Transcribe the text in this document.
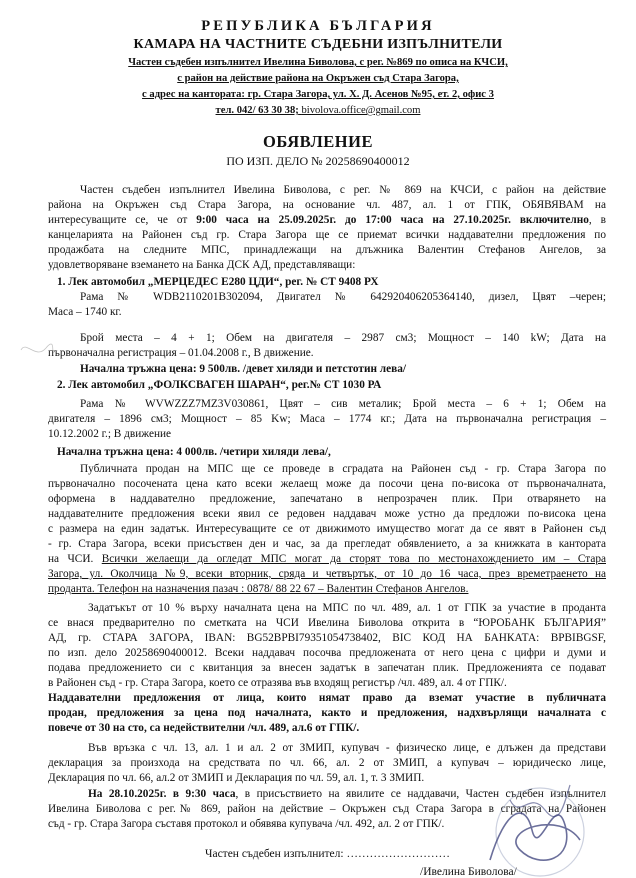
РЕПУБЛИКА БЪЛГАРИЯ
КАМАРА НА ЧАСТНИТЕ СЪДЕБНИ ИЗПЪЛНИТЕЛИ
Частен съдебен изпълнител Ивелина Биволова, с рег. №869 по описа на КЧСИ,
с район на действие района на Окръжен съд Стара Загора,
с адрес на кантората: гр. Стара Загора, ул. Х. Д. Асенов №95, ет. 2, офис 3
тел. 042/ 63 30 38; bivolova.office@gmail.com
ОБЯВЛЕНИЕ
ПО ИЗП. ДЕЛО № 20258690400012
Частен съдебен изпълнител Ивелина Биволова, с рег. № 869 на КЧСИ, с район на действие
района на Окръжен съд Стара Загора, на основание чл. 487, ал. 1 от ГПК, ОБЯВЯВАМ на
интересуващите се, че от 9:00 часа на 25.09.2025г. до 17:00 часа на 27.10.2025г. включително, в
канцеларията на Районен съд гр. Стара Загора ще се приемат всички наддавателни предложения по
продажбата на следните МПС, принадлежащи на длъжника Валентин Стефанов Ангелов, за
удовлетворяване вземането на Банка ДСК АД, представляващи:
1. Лек автомобил „МЕРЦЕДЕС Е280 ЦДИ“, рег. № СТ 9408 РХ
Рама № WDB2110201B302094, Двигател № 642920406205364140, дизел, Цвят –черен;
Маса – 1740 кг.
Брой места – 4 + 1; Обем на двигателя – 2987 см3; Мощност – 140 kW; Дата на
първоначална регистрация – 01.04.2008 г., В движение.
Начална тръжна цена: 9 500лв. /девет хиляди и петстотин лева/
2. Лек автомобил „ФОЛКСВАГЕН ШАРАН“, рег.№ СТ 1030 РА
Рама № WVWZZZ7MZ3V030861, Цвят – сив металик; Брой места – 6 + 1; Обем на
двигателя – 1896 см3; Мощност – 85 Kw; Маса – 1774 кг.; Дата на първоначална регистрация –
10.12.2002 г.; В движение
Начална тръжна цена: 4 000лв. /четири хиляди лева/,
Публичната продан на МПС ще се проведе в сградата на Районен съд - гр. Стара Загора по
първоначално посочената цена като всеки желаещ може да посочи цена по-висока от първоначалната,
оформена в наддавателно предложение, запечатано в непрозрачен плик. При отварянето на
наддавателните предложения всеки явил се редовен наддавач може устно да предложи по-висока цена
с размера на един задатък. Интересуващите се от движимото имущество могат да се явят в Районен съд
- гр. Стара Загора, всеки присъствен ден и час, за да прегледат обявлението, а за книжката в кантората
на ЧСИ. Всички желаещи да огледат МПС могат да сторят това по местонахождението им – Стара
Загора, ул. Околчица №9, всеки вторник, сряда и четвъртък, от 10 до 16 часа, през времетраенето на
проданта. Телефон на назначения пазач : 0878/ 88 22 67 – Валентин Стефанов Ангелов.
Задатъкът от 10 % върху началната цена на МПС по чл. 489, ал. 1 от ГПК за участие в проданта
се внася предварително по сметката на ЧСИ Ивелина Биволова открита в “ЮРОБАНК БЪЛГАРИЯ”
АД, гр. СТАРА ЗАГОРА, IBAN: BG52BPBI79351054738402, BIC КОД НА БАНКАТА: BPBIBGSF,
по изп. дело 20258690400012. Всеки наддавач посочва предложената от него цена с цифри и думи и
подава предложението си с квитанция за внесен задатък в запечатан плик. Предложенията се подават
в Районен съд - гр. Стара Загора, което се отразява във входящ регистър /чл. 489, ал. 4 от ГПК/.
Наддавателни предложения от лица, които нямат право да вземат участие в публичната
продан, предложения за цена под началната, както и предложения, надхвърлящи началната с
повече от 30 на сто, са недействителни /чл. 489, ал.6 от ГПК/.
Във връзка с чл. 13, ал. 1 и ал. 2 от ЗМИП, купувач - физическо лице, е длъжен да представи
декларация за произхода на средствата по чл. 66, ал. 2 от ЗМИП, а купувач – юридическо лице,
Декларация по чл. 66, ал.2 от ЗМИП и Декларация по чл. 59, ал. 1, т. 3 ЗМИП.
На 28.10.2025г. в 9:30 часа, в присъствието на явилите се наддавачи, Частен съдебен изпълнител
Ивелина Биволова с рег.№ 869, район на действие – Окръжен съд Стара Загора в сградата на Районен
съд - гр. Стара Загора съставя протокол и обявява купувача /чл. 492, ал. 2 от ГПК/.
Частен съдебен изпълнител: ………………………
/Ивелина Биволова/
